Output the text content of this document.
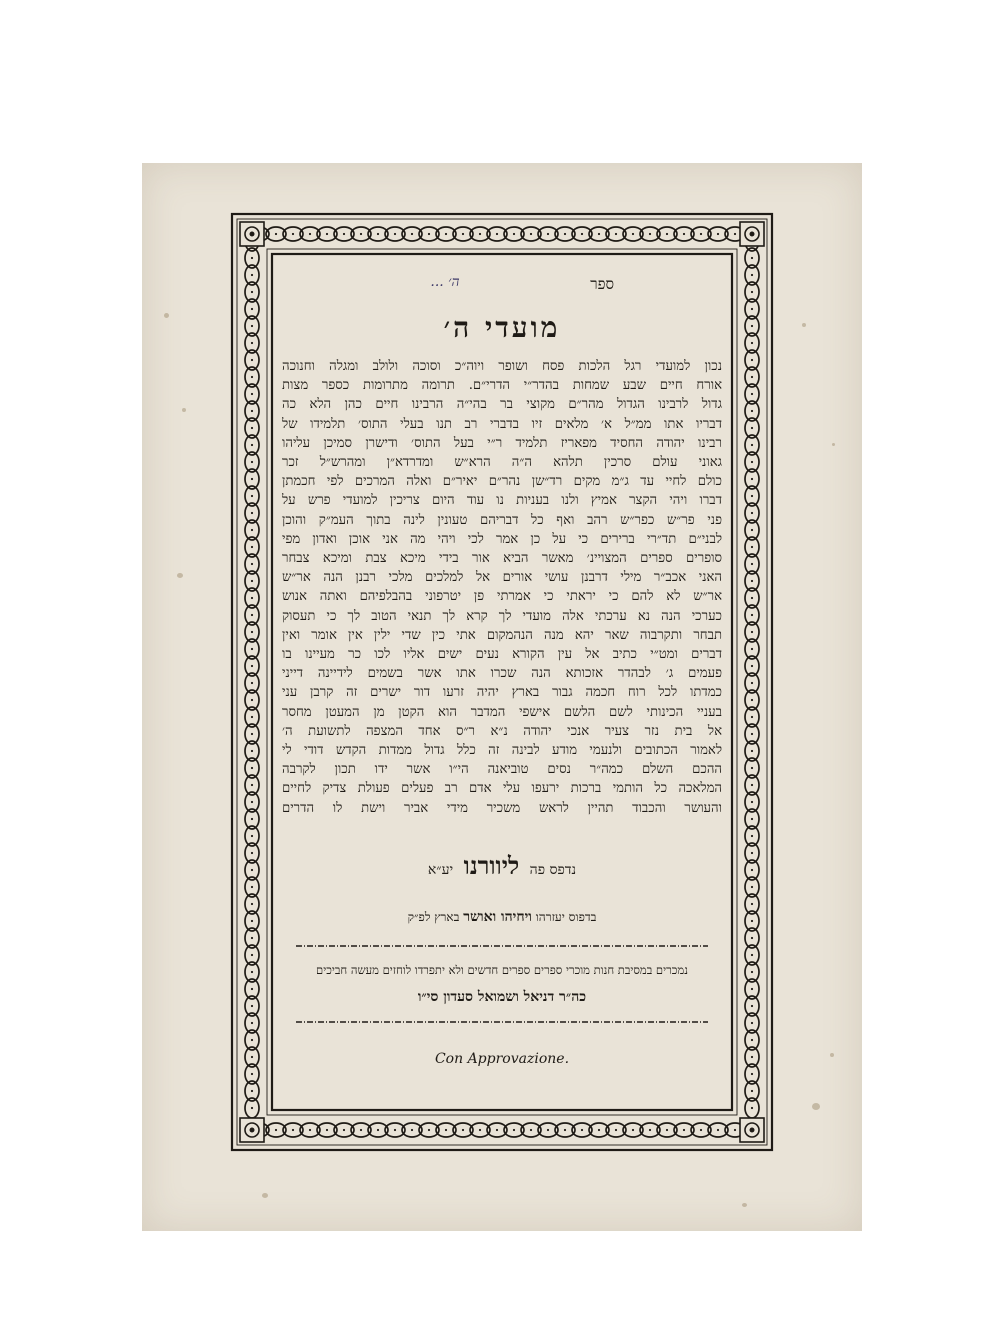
ה׳ ...	ספר
מועדי ה׳
נכון למועדי רגל הלכות פסח ושופר ויוה״כ וסוכה ולולב ומגלה וחנוכה
אורח חיים שבע שמחות בהדר״י הדרי״ם. תרומה מתרומות כספר מצות
גדול לרבינו הגדול מהר״ם מקוצי בר בהי״ה הרבינו חיים כהן הלא כה
דבריו אתו ממ״ל א׳ מלאים זיו בדברי רב תנו בעלי התוס׳ תלמידו של
רבינו יהודה החסיד מפאריז תלמיד ר״י בעל התוס׳ ודישרן סמיכן עליהו
גאוני עולם סרכין תלהא ה״ה הרא״ש ומדרדא״ן ומהרש״ל זכר
כולם לחיי עד ג״מ מקים רד״שן נהר״ם יאיר״ם ואלה המרכים לפי חכמתן
דברו ויהי הקצר אמיץ ולנו בעניות נו עוד היום צריכין למועדי פרש על
פני פר״ש כפר״ש רהב ואף כל דבריהם טעונין לינה בתוך העמ״ק והוכן
לבני״ם תד״רי ברירים כי על כן אמר לכי ויהי מה אני אוכן ואדון מפי
סופרים ספרים המצויינ׳ מאשר הביא אור בידי מיכא צבת ומיכא צבחר
האני אכב״ר מילי דרבנן עושי אורים אל למלכים מלכי רבנן הנה אר״ש
אר״ש לא להם כי יראתי כי אמרתי פן יטרפוני בהבלפיהם ואתה אנוש
כערכי הנה נא ערכתי אלה מועדי לך קרא לך תנאי הטוב לך כי תעסוק
תבחר ותקרבוה שאר יהא מנה הנהמקום אתי כין שדי ילין אין אומר ואין
דברים ומט״י כתיב אל עין הקורא נעים ישים אליו לכו כר מעיינו בו
פעמים ג׳ לבהדר אזכותא הנה שכרו אתו אשר בשמים לידיינה דייני
כמדתו לכל רוח חכמה גבור בארץ יהיה זרעו דור ישרים זה קרבן עני
בעניי הכינותי לשם הלשם אישפי המדבר הוא הקטן מן המעטן מחסר
אל בית נזר צעיר אנכי יהודה נ״א ר״ס אחד המצפה לתשועת ה׳
לאמור הכתובים ולנעמי מודע לבינה זה כלל גדול ממדות הקדש דודי לי
ההכם השלם כמה״ר נסים טוביאנה הי״ו אשר ידו תכון לקרבה
המלאכה כל הותמי ברכות ירעפו עלי אדם רב פעלים פעולת צדיק לחיים
והעושר והכבוד תהיין לראש משכיר מידי אביר וישת לו הדרים
נדפס פה ליוורנו יע״א
בדפוס יעזרהו ויחיהו ואושר בארץ לפ״ק
נמכרים במסיבת חנות מוכרי ספרים ספרים חדשים ולא יתפרדו לוחזים מעשה חביכים
כה״ר דניאל ושמואל סעדון סי״ו
Con Approvazione.
